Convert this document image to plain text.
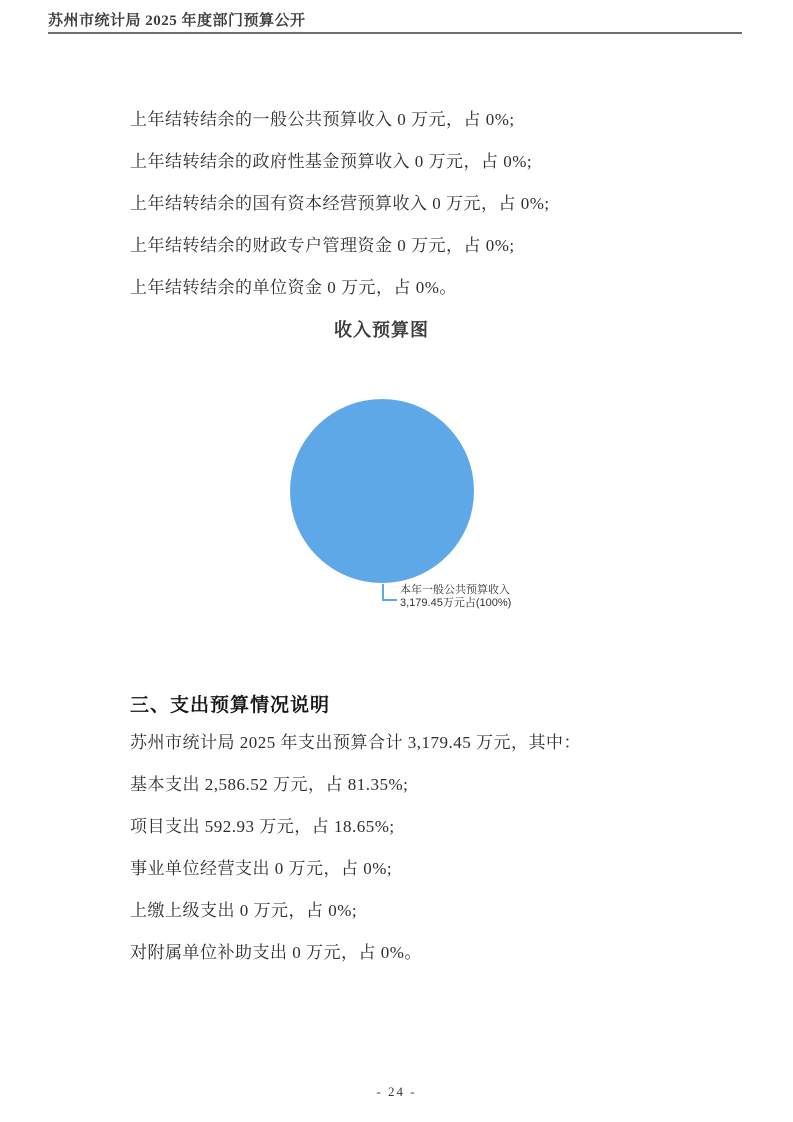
苏州市统计局 2025 年度部门预算公开

上年结转结余的一般公共预算收入 0 万元，占 0%;

上年结转结余的政府性基金预算收入 0 万元，占 0%;

上年结转结余的国有资本经营预算收入 0 万元，占 0%;

上年结转结余的财政专户管理资金 0 万元，占 0%;

上年结转结余的单位资金 0 万元，占 0%。

收入预算图
本年一般公共预算收入
3,179.45万元占(100%)
三、支出预算情况说明

苏州市统计局 2025 年支出预算合计 3,179.45 万元，其中：

基本支出 2,586.52 万元，占 81.35%;

项目支出 592.93 万元，占 18.65%;

事业单位经营支出 0 万元，占 0%;

上缴上级支出 0 万元，占 0%;

对附属单位补助支出 0 万元，占 0%。

- 24 -
